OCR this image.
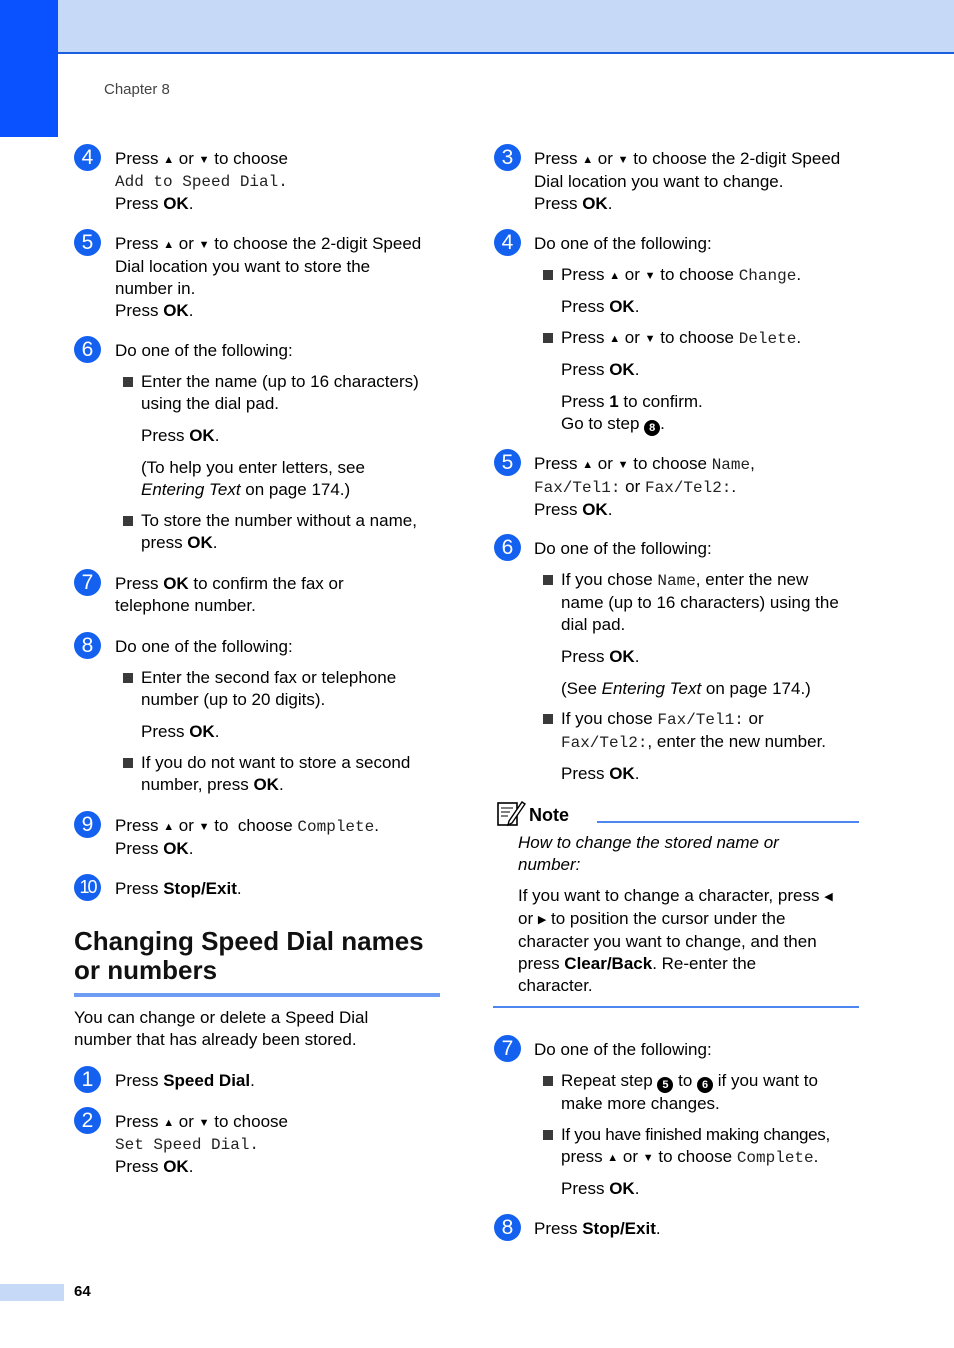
Chapter 8
4	Press ▲ or ▼ to choose
Add to Speed Dial.
Press OK.
5	Press ▲ or ▼ to choose the 2-digit Speed
Dial location you want to store the
number in.
Press OK.
6	Do one of the following:
Enter the name (up to 16 characters)
using the dial pad.
Press OK.
(To help you enter letters, see
Entering Text on page 174.)
To store the number without a name,
press OK.
7	Press OK to confirm the fax or
telephone number.
8	Do one of the following:
Enter the second fax or telephone
number (up to 20 digits).
Press OK.
If you do not want to store a second
number, press OK.
9	Press ▲ or ▼ to  choose Complete.
Press OK.
10	Press Stop/Exit.
Changing Speed Dial names or numbers
You can change or delete a Speed Dial
number that has already been stored.
1	Press Speed Dial.
2	Press ▲ or ▼ to choose
Set Speed Dial.
Press OK.
3	Press ▲ or ▼ to choose the 2-digit Speed
Dial location you want to change.
Press OK.
4	Do one of the following:
Press ▲ or ▼ to choose Change.
Press OK.
Press ▲ or ▼ to choose Delete.
Press OK.
Press 1 to confirm.
Go to step 8 .
5	Press ▲ or ▼ to choose Name,
Fax/Tel1: or Fax/Tel2:.
Press OK.
6	Do one of the following:
If you chose Name, enter the new
name (up to 16 characters) using the
dial pad.
Press OK.
(See Entering Text on page 174.)
If you chose Fax/Tel1: or
Fax/Tel2:, enter the new number.
Press OK.
Note
How to change the stored name or
number:
If you want to change a character, press ◀
or ▶ to position the cursor under the
character you want to change, and then
press Clear/Back. Re-enter the
character.
7	Do one of the following:
Repeat step 5 to 6 if you want to
make more changes.
If you have finished making changes,
press ▲ or ▼ to choose Complete.
Press OK.
8	Press Stop/Exit.
64
